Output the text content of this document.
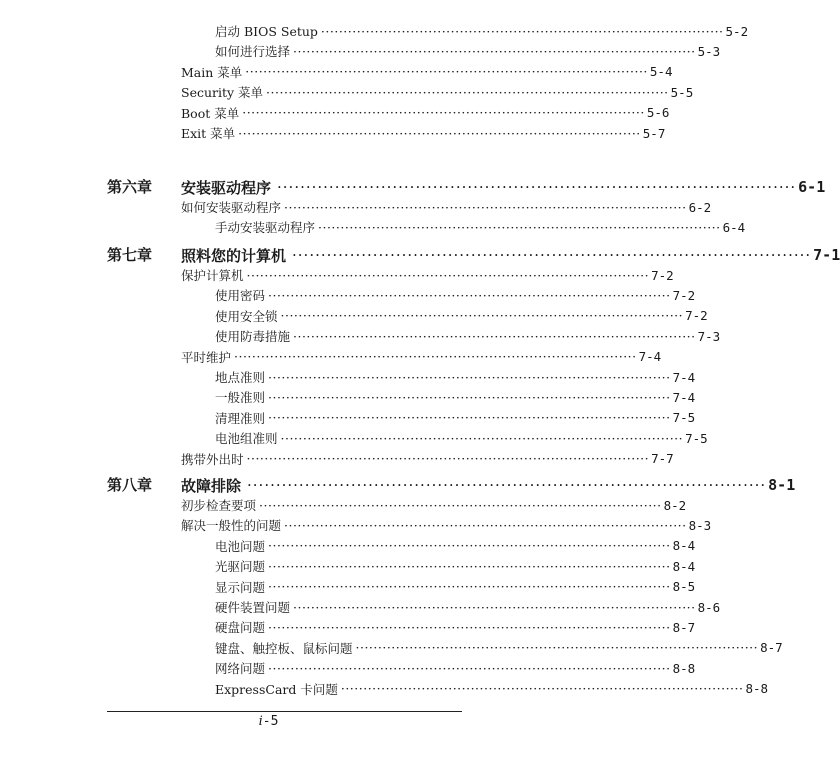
启动 BIOS Setup ·························································································· 5-2
如何进行选择 ·························································································· 5-3
Main 菜单 ·························································································· 5-4
Security 菜单 ·························································································· 5-5
Boot 菜单 ·························································································· 5-6
Exit 菜单 ·························································································· 5-7
第六章 安装驱动程序 ·························································································· 6-1
如何安装驱动程序 ·························································································· 6-2
手动安装驱动程序 ·························································································· 6-4
第七章 照料您的计算机 ·························································································· 7-1
保护计算机 ·························································································· 7-2
使用密码 ·························································································· 7-2
使用安全锁 ·························································································· 7-2
使用防毒措施 ·························································································· 7-3
平时维护 ·························································································· 7-4
地点准则 ·························································································· 7-4
一般准则 ·························································································· 7-4
清理准则 ·························································································· 7-5
电池组准则 ·························································································· 7-5
携带外出时 ·························································································· 7-7
第八章 故障排除 ·························································································· 8-1
初步检查要项 ·························································································· 8-2
解决一般性的问题 ·························································································· 8-3
电池问题 ·························································································· 8-4
光驱问题 ·························································································· 8-4
显示问题 ·························································································· 8-5
硬件装置问题 ·························································································· 8-6
硬盘问题 ·························································································· 8-7
键盘、触控板、鼠标问题 ·························································································· 8-7
网络问题 ·························································································· 8-8
ExpressCard 卡问题 ·························································································· 8-8
i-5
